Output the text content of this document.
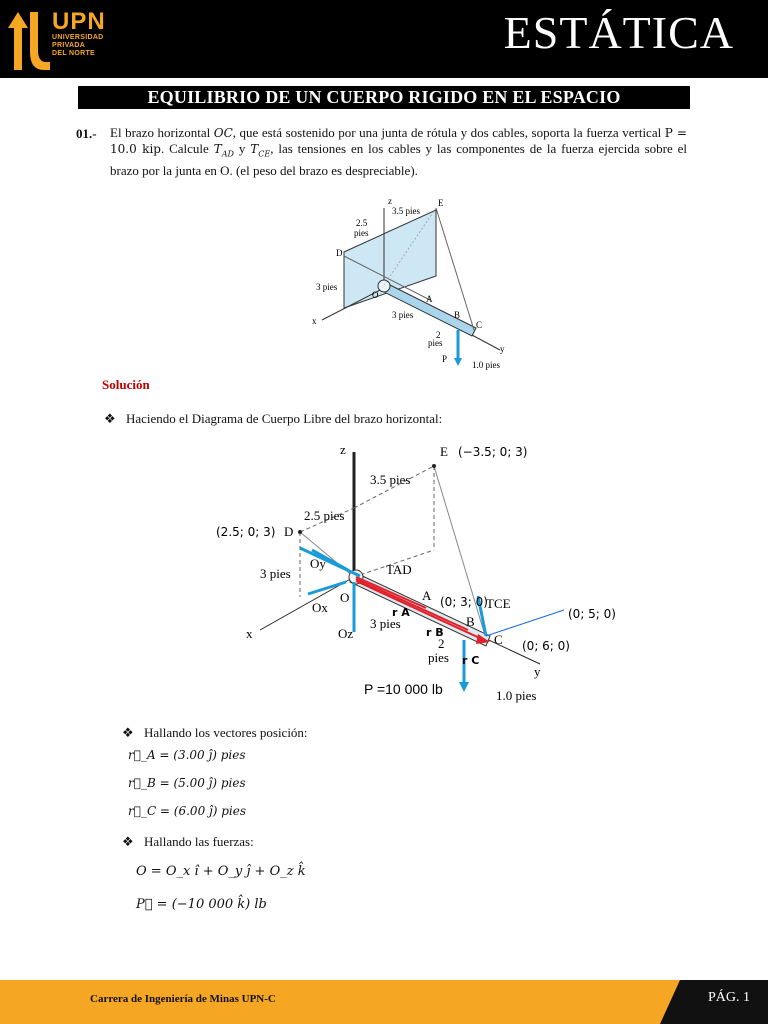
UPN
UNIVERSIDAD
PRIVADA
DEL NORTE	ESTÁTICA
EQUILIBRIO DE UN CUERPO RIGIDO EN EL ESPACIO
01.- El brazo horizontal OC, que está sostenido por una junta de rótula y dos cables, soporta la fuerza vertical P = 10.0 kip. Calcule $T_{AD}$ y $T_{CE}$, las tensiones en los cables y las componentes de la fuerza ejercida sobre el brazo por la junta en O. (el peso del brazo es despreciable).
z	E
D
O	A
B
C
x
y
P
2.5
pies
3.5 pies
3 pies
3 pies
2
pies
1.0 pies
Solución
❖ Haciendo el Diagrama de Cuerpo Libre del brazo horizontal:
z	E (−3.5; 0; 3)
D
(2.5; 0; 3)
3.5 pies
2.5 pies
3 pies
Oy
Ox
Oz
O
TAD
TCE
A (0; 3; 0)
B
C (0; 6; 0)
(0; 5; 0)
r A
r B
r C
x
y
3 pies
2
pies
P =10 000 lb	1.0 pies
❖ Hallando los vectores posición:
r⃗_A = (3.00 ĵ) pies
r⃗_B = (5.00 ĵ) pies
r⃗_C = (6.00 ĵ) pies
❖ Hallando las fuerzas:
O = O_x î + O_y ĵ + O_z k̂
P⃗ = (−10 000 k̂) lb
Carrera de Ingeniería de Minas UPN-C	PÁG. 1
